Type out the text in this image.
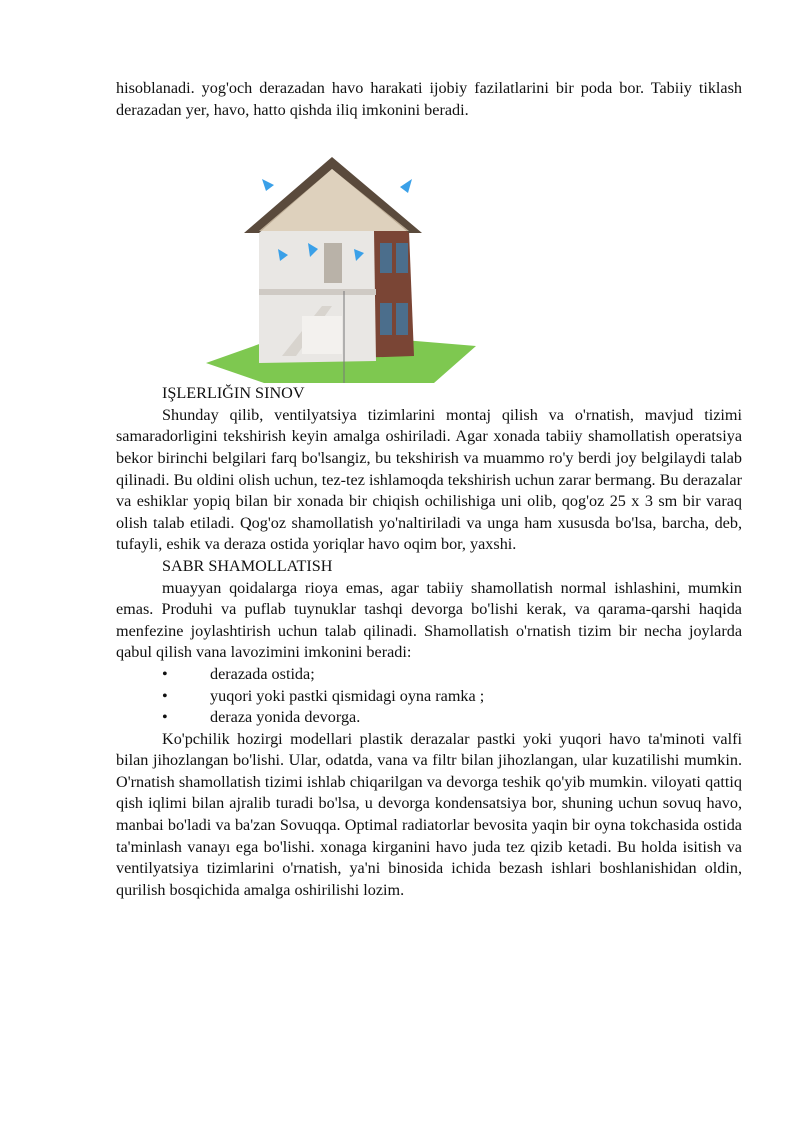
hisoblanadi. yog'och derazadan havo harakati ijobiy fazilatlarini bir poda bor. Tabiiy tiklash derazadan yer, havo, hatto qishda iliq imkonini beradi.

IŞLERLIĞIN SINOV

Shunday qilib, ventilyatsiya tizimlarini montaj qilish va o'rnatish, mavjud tizimi samaradorligini tekshirish keyin amalga oshiriladi. Agar xonada tabiiy shamollatish operatsiya bekor birinchi belgilari farq bo'lsangiz, bu tekshirish va muammo ro'y berdi joy belgilaydi talab qilinadi. Bu oldini olish uchun, tez-tez ishlamoqda tekshirish uchun zarar bermang. Bu derazalar va eshiklar yopiq bilan bir xonada bir chiqish ochilishiga uni olib, qog'oz 25 x 3 sm bir varaq olish talab etiladi. Qog'oz shamollatish yo'naltiriladi va unga ham xususda bo'lsa, barcha, deb, tufayli, eshik va deraza ostida yoriqlar havo oqim bor, yaxshi.

SABR SHAMOLLATISH

muayyan qoidalarga rioya emas, agar tabiiy shamollatish normal ishlashini, mumkin emas. Produhi va puflab tuynuklar tashqi devorga bo'lishi kerak, va qarama-qarshi haqida menfezine joylashtirish uchun talab qilinadi. Shamollatish o'rnatish tizim bir necha joylarda qabul qilish vana lavozimini imkonini beradi:

•	derazada ostida;
•	yuqori yoki pastki qismidagi oyna ramka ;
•	deraza yonida devorga.

Ko'pchilik hozirgi modellari plastik derazalar pastki yoki yuqori havo ta'minoti valfi bilan jihozlangan bo'lishi. Ular, odatda, vana va filtr bilan jihozlangan, ular kuzatilishi mumkin. O'rnatish shamollatish tizimi ishlab chiqarilgan va devorga teshik qo'yib mumkin. viloyati qattiq qish iqlimi bilan ajralib turadi bo'lsa, u devorga kondensatsiya bor, shuning uchun sovuq havo, manbai bo'ladi va ba'zan Sovuqqa. Optimal radiatorlar bevosita yaqin bir oyna tokchasida ostida ta'minlash vanayı ega bo'lishi. xonaga kirganini havo juda tez qizib ketadi. Bu holda isitish va ventilyatsiya tizimlarini o'rnatish, ya'ni binosida ichida bezash ishlari boshlanishidan oldin, qurilish bosqichida amalga oshirilishi lozim.
